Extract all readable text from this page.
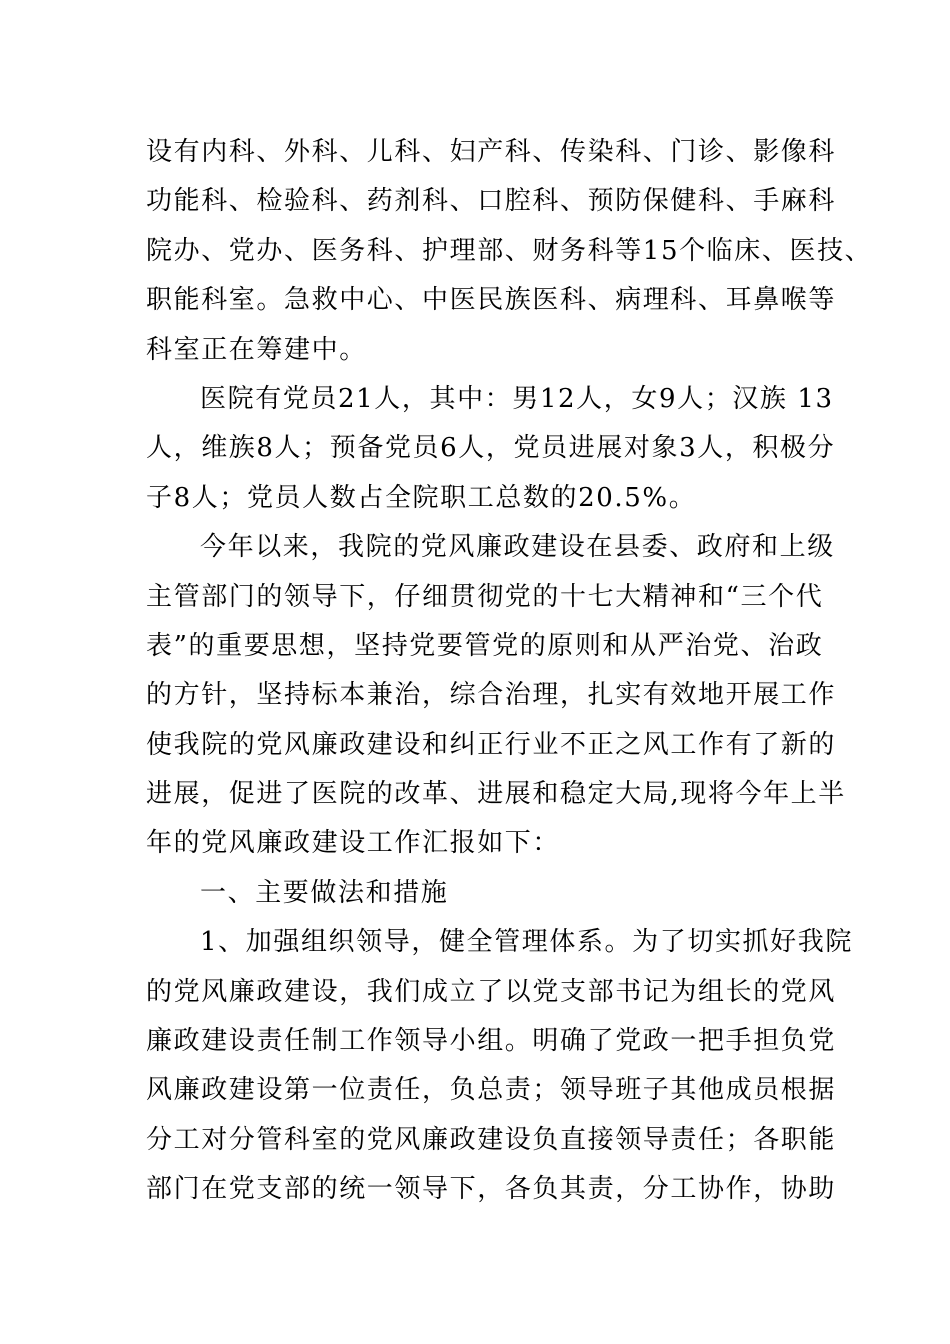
设有内科、外科、儿科、妇产科、传染科、门诊、影像科
功能科、检验科、药剂科、口腔科、预防保健科、手麻科
院办、党办、医务科、护理部、财务科等15个临床、医技、
职能科室。急救中心、中医民族医科、病理科、耳鼻喉等
科室正在筹建中。
医院有党员21人，其中：男12人，女9人；汉族 13
人，维族8人；预备党员6人，党员进展对象3人，积极分
子8人；党员人数占全院职工总数的20.5%。
今年以来，我院的党风廉政建设在县委、政府和上级
主管部门的领导下，仔细贯彻党的十七大精神和“三个代
表”的重要思想，坚持党要管党的原则和从严治党、治政
的方针，坚持标本兼治，综合治理，扎实有效地开展工作
使我院的党风廉政建设和纠正行业不正之风工作有了新的
进展，促进了医院的改革、进展和稳定大局,现将今年上半
年的党风廉政建设工作汇报如下：
一、主要做法和措施
1、加强组织领导，健全管理体系。为了切实抓好我院
的党风廉政建设，我们成立了以党支部书记为组长的党风
廉政建设责任制工作领导小组。明确了党政一把手担负党
风廉政建设第一位责任，负总责；领导班子其他成员根据
分工对分管科室的党风廉政建设负直接领导责任；各职能
部门在党支部的统一领导下，各负其责，分工协作，协助
